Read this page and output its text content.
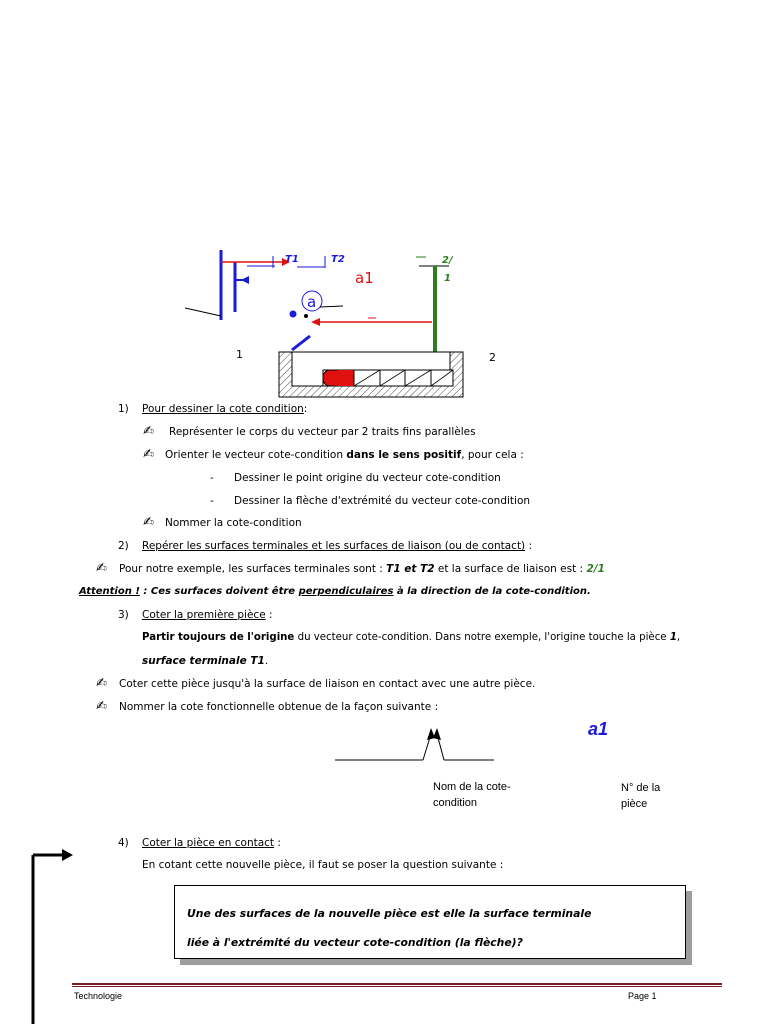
T1	T2	2/
1
a1
a
1	2
1) Pour dessiner la cote condition:
✍ Représenter le corps du vecteur par 2 traits fins parallèles
✍ Orienter le vecteur cote-condition dans le sens positif, pour cela :
- Dessiner le point origine du vecteur cote-condition
- Dessiner la flèche d'extrémité du vecteur cote-condition
✍ Nommer la cote-condition
2) Repérer les surfaces terminales et les surfaces de liaison (ou de contact) :
✍ Pour notre exemple, les surfaces terminales sont : T1 et T2 et la surface de liaison est : 2/1
Attention ! : Ces surfaces doivent être perpendiculaires à la direction de la cote-condition.
3) Coter la première pièce :
Partir toujours de l'origine du vecteur cote-condition. Dans notre exemple, l'origine touche la pièce 1,
surface terminale T1.
✍ Coter cette pièce jusqu'à la surface de liaison en contact avec une autre pièce.
✍ Nommer la cote fonctionnelle obtenue de la façon suivante :
a1
Nom de la cote-
condition
N° de la
pièce
4) Coter la pièce en contact :
En cotant cette nouvelle pièce, il faut se poser la question suivante :

Une des surfaces de la nouvelle pièce est elle la surface terminale

liée à l'extrémité du vecteur cote-condition (la flèche)?

Technologie	Page 1
